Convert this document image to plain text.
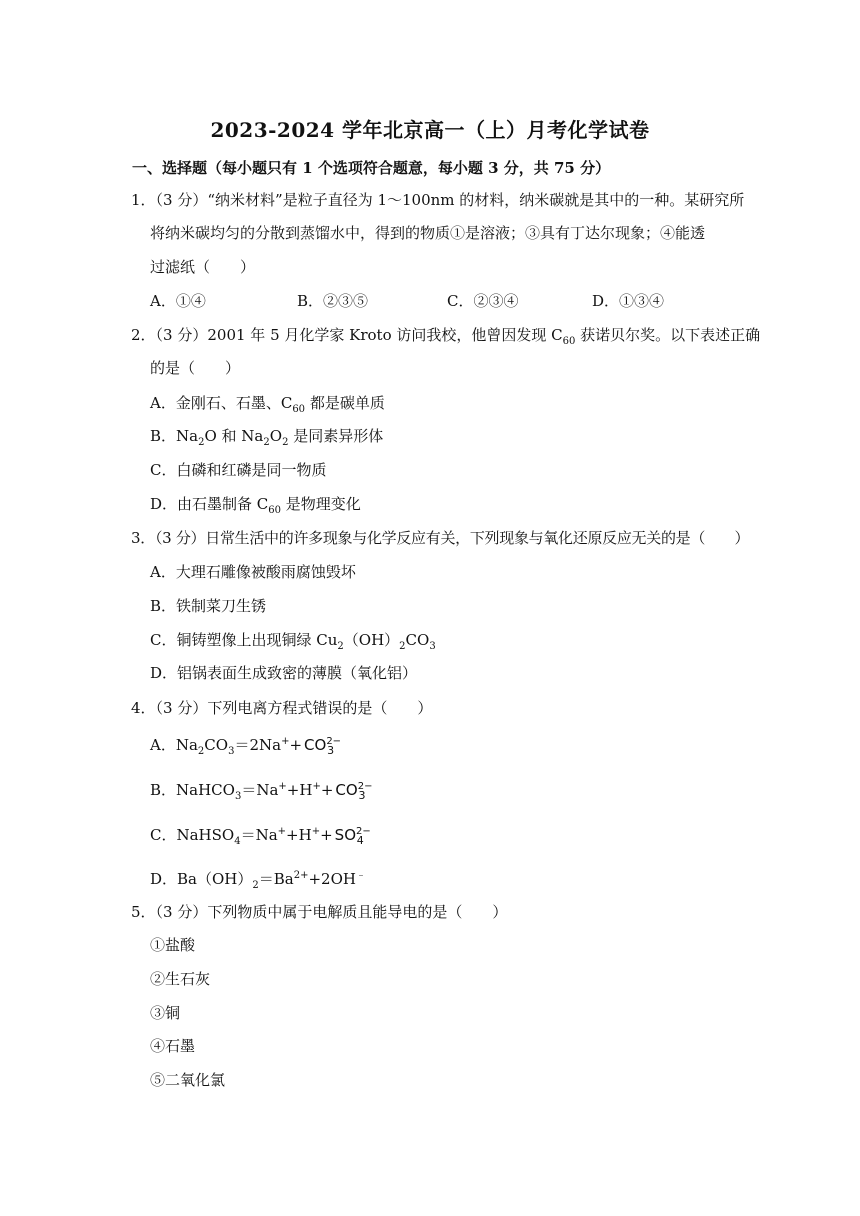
2023-2024 学年北京高一（上）月考化学试卷
一、选择题（每小题只有 1 个选项符合题意，每小题 3 分，共 75 分）
1．（3 分）“纳米材料”是粒子直径为 1～100nm 的材料，纳米碳就是其中的一种。某研究所
将纳米碳均匀的分散到蒸馏水中，得到的物质①是溶液；③具有丁达尔现象；④能透
过滤纸（　　）
A．①④	B．②③⑤	C．②③④	D．①③④
2．（3 分）2001 年 5 月化学家 Kroto 访问我校，他曾因发现 $C_{60}$ 获诺贝尔奖。以下表述正确
的是（　　）
A．金刚石、石墨、$C_{60}$ 都是碳单质
B．$Na_2O$ 和 $Na_2O_2$ 是同素异形体
C．白磷和红磷是同一物质
D．由石墨制备 $C_{60}$ 是物理变化
3．（3 分）日常生活中的许多现象与化学反应有关，下列现象与氧化还原反应无关的是（　　）
A．大理石雕像被酸雨腐蚀毁坏
B．铁制菜刀生锈
C．铜铸塑像上出现铜绿 $Cu_2(OH)_2CO_3$
D．铝锅表面生成致密的薄膜（氧化铝）
4．（3 分）下列电离方程式错误的是（　　）
A．$Na_2CO_3=2Na^++ CO^{2-}_3$
B．NaHCO$_3$＝Na++H++ $CO^{2-}_3$
C．NaHSO$_4$＝Na++H++ $SO^{2-}_4$
D．$Ba(OH)_2=Ba^{2+}+2OH^﹣$
5．（3 分）下列物质中属于电解质且能导电的是（　　）
①盐酸
②生石灰
③铜
④石墨
⑤二氧化氯
